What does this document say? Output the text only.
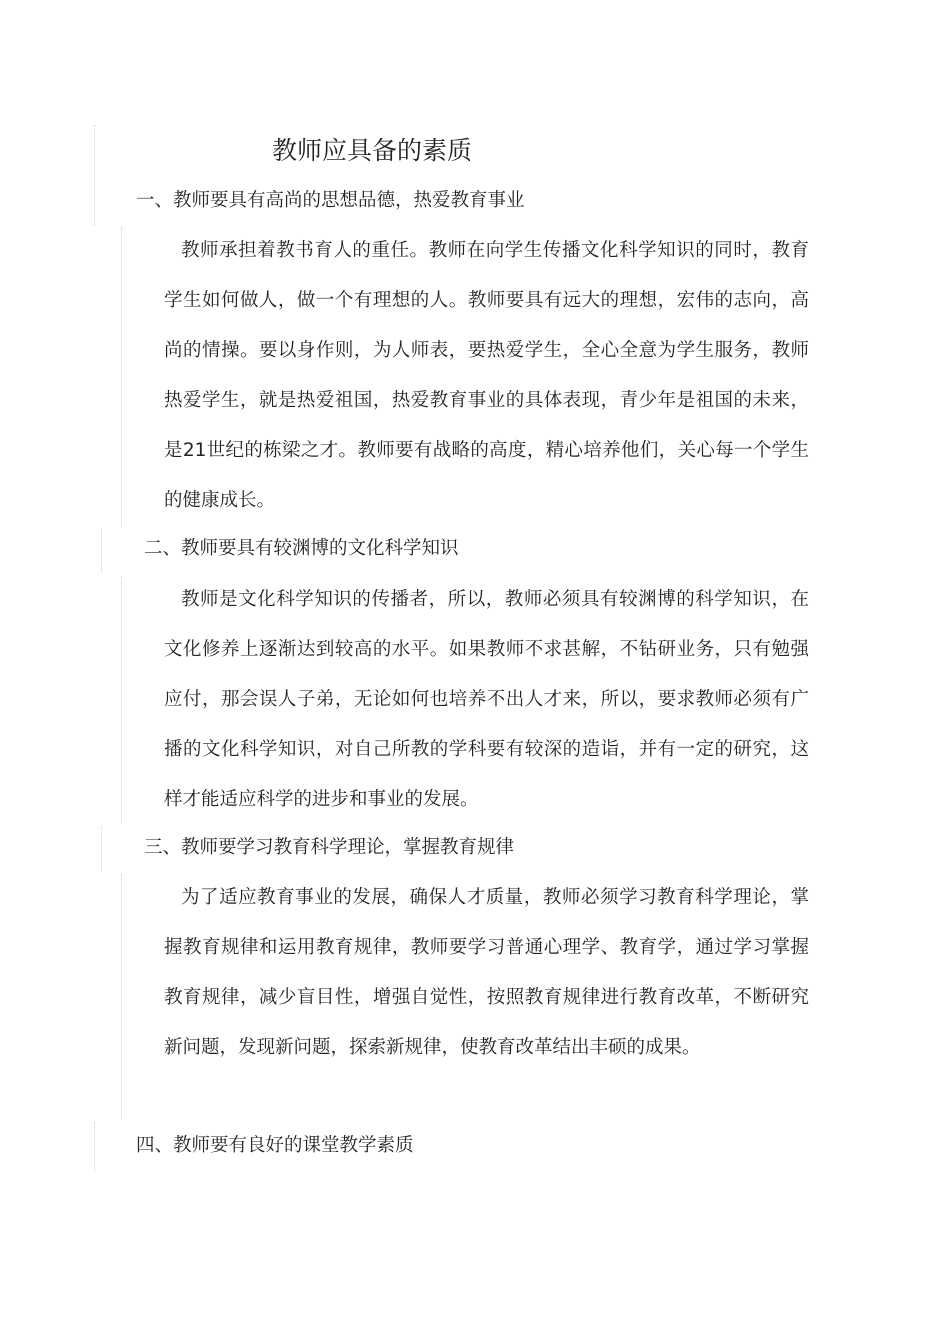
教师应具备的素质
一、教师要具有高尚的思想品德，热爱教育事业

教师承担着教书育人的重任。教师在向学生传播文化科学知识的同时，教育学生如何做人，做一个有理想的人。教师要具有远大的理想，宏伟的志向，高尚的情操。要以身作则，为人师表，要热爱学生，全心全意为学生服务，教师热爱学生，就是热爱祖国，热爱教育事业的具体表现，青少年是祖国的未来，是21世纪的栋梁之才。教师要有战略的高度，精心培养他们，关心每一个学生的健康成长。

二、教师要具有较渊博的文化科学知识

教师是文化科学知识的传播者，所以，教师必须具有较渊博的科学知识，在文化修养上逐渐达到较高的水平。如果教师不求甚解，不钻研业务，只有勉强应付，那会误人子弟，无论如何也培养不出人才来，所以，要求教师必须有广播的文化科学知识，对自己所教的学科要有较深的造诣，并有一定的研究，这样才能适应科学的进步和事业的发展。

三、教师要学习教育科学理论，掌握教育规律

为了适应教育事业的发展，确保人才质量，教师必须学习教育科学理论，掌握教育规律和运用教育规律，教师要学习普通心理学、教育学，通过学习掌握教育规律，减少盲目性，增强自觉性，按照教育规律进行教育改革，不断研究新问题，发现新问题，探索新规律，使教育改革结出丰硕的成果。

四、教师要有良好的课堂教学素质
